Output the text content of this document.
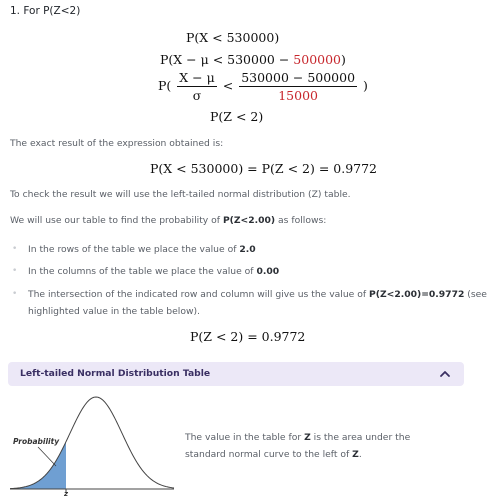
1. For P(Z<2)
P(X < 530000)
P(X − μ < 530000 − 500000)
$P( \frac{X - \mu}{\sigma} < \frac{530000 - 500000}{15000}$ )
P(Z < 2)
The exact result of the expression obtained is:
P(X < 530000) = P(Z < 2) = 0.9772
To check the result we will use the left-tailed normal distribution (Z) table.
We will use our table to find the probability of P(Z<2.00) as follows:
• In the rows of the table we place the value of 2.0
• In the columns of the table we place the value of 0.00
• The intersection of the indicated row and column will give us the value of P(Z<2.00)=0.9772 (see
highlighted value in the table below).
P(Z < 2) = 0.9772
Left-tailed Normal Distribution Table
Probability
z
The value in the table for Z is the area under the
standard normal curve to the left of Z.
